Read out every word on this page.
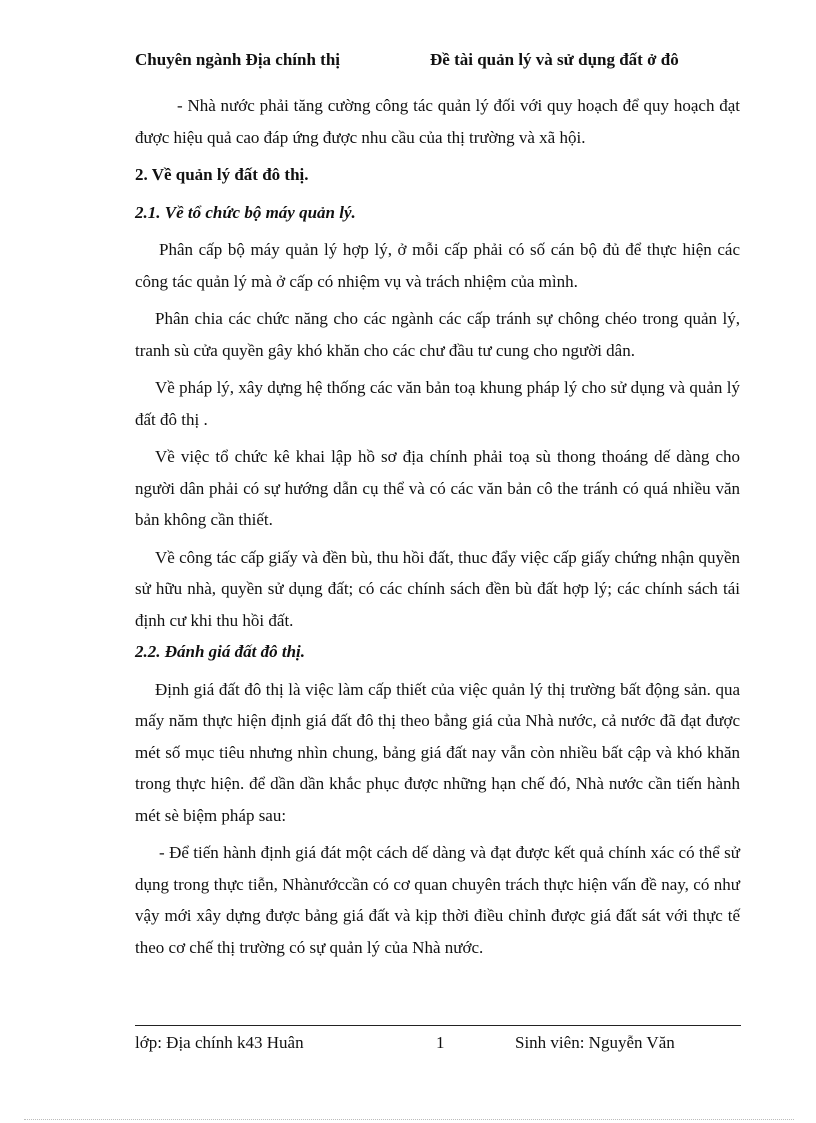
Chuyên ngành Địa chính thị	Đề tài quản lý và sử dụng đất ở đô

- Nhà nước phải tăng cường công tác quản lý đối với quy hoạch để quy hoạch đạt được hiệu quả cao đáp ứng được nhu cầu của thị trường và xã hội.

2. Về quản lý đất đô thị.

2.1. Về tổ chức bộ máy quản lý.

Phân cấp bộ máy quản lý hợp lý, ở mỗi cấp phải có số cán bộ đủ để thực hiện các công tác quản lý mà ở cấp có nhiệm vụ và trách nhiệm của mình.

Phân chia các chức năng cho các ngành các cấp tránh sự chông chéo trong quản lý, tranh sù cửa quyền gây khó khăn cho các chư đầu tư cung cho người dân.

Về pháp lý, xây dựng hệ thống các văn bản toạ khung pháp lý cho sử dụng và quản lý đất đô thị .

Về việc tổ chức kê khai lập hồ sơ địa chính phải toạ sù thong thoáng dế dàng cho người dân phải có sự hướng dẫn cụ thể và có các văn bản cô the tránh có quá nhiều văn bản không cần thiết.

Về công tác cấp giấy và đền bù, thu hồi đất, thuc đẩy việc cấp giấy chứng nhận quyền sử hữu nhà, quyền sử dụng đất; có các chính sách đền bù đất hợp lý; các chính sách tái định cư khi thu hồi đất.

2.2. Đánh giá đất đô thị.

Định giá đất đô thị là việc làm cấp thiết của việc quản lý thị trường bất động sản. qua mấy năm thực hiện định giá đất đô thị theo bẳng giá của Nhà nước, cả nước đã đạt được mét số mục tiêu nhưng nhìn chung, bảng giá đất nay vẫn còn nhiều bất cập và khó khăn trong thực hiện. để dần dần khắc phục được những hạn chế đó, Nhà nước cần tiến hành mét sè biệm pháp sau:

- Để tiến hành định giá đát một cách dế dàng và đạt được kết quả chính xác có thể sử dụng trong thực tiễn, Nhànướccần có cơ quan chuyên trách thực hiện vấn đề nay, có như vậy mới xây dựng được bảng giá đất và kịp thời điều chỉnh được giá đất sát với thực tế theo cơ chế thị trường có sự quản lý của Nhà nước.

lớp: Địa chính k43 Huân	1	Sinh viên: Nguyễn Văn
